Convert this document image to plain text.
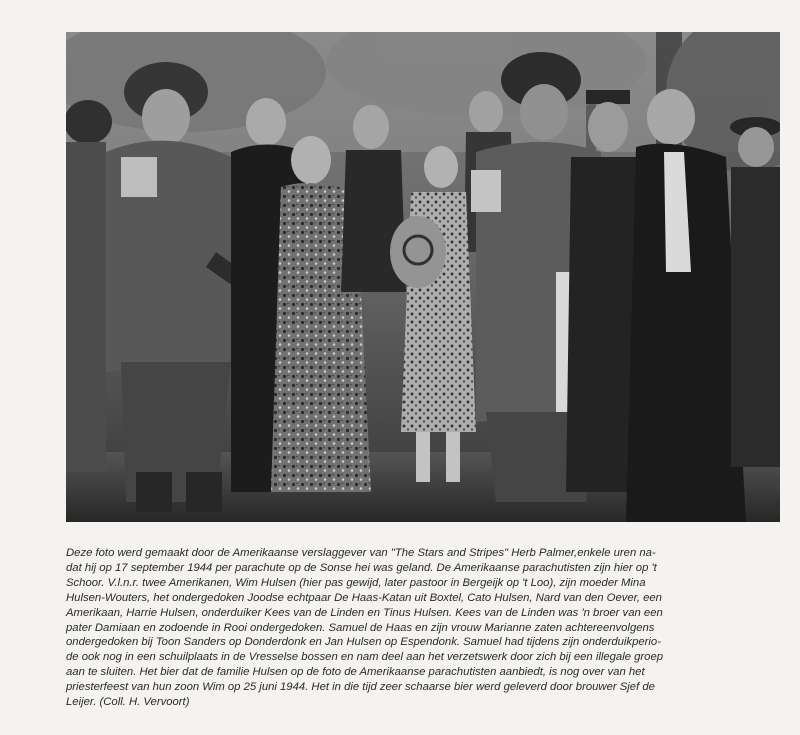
Deze foto werd gemaakt door de Amerikaanse verslaggever van "The Stars and Stripes" Herb Palmer,enkele uren na-
dat hij op 17 september 1944 per parachute op de Sonse hei was geland. De Amerikaanse parachutisten zijn hier op 't
Schoor. V.l.n.r. twee Amerikanen, Wim Hulsen (hier pas gewijd, later pastoor in Bergeijk op 't Loo), zijn moeder Mina
Hulsen-Wouters, het ondergedoken Joodse echtpaar De Haas-Katan uit Boxtel, Cato Hulsen, Nard van den Oever, een
Amerikaan, Harrie Hulsen, onderduiker Kees van de Linden en Tinus Hulsen. Kees van de Linden was 'n broer van een
pater Damiaan en zodoende in Rooi ondergedoken. Samuel de Haas en zijn vrouw Marianne zaten achtereenvolgens
ondergedoken bij Toon Sanders op Donderdonk en Jan Hulsen op Espendonk. Samuel had tijdens zijn onderduikperio-
de ook nog in een schuilplaats in de Vresselse bossen en nam deel aan het verzetswerk door zich bij een illegale groep
aan te sluiten. Het bier dat de familie Hulsen op de foto de Amerikaanse parachutisten aanbiedt, is nog over van het
priesterfeest van hun zoon Wim op 25 juni 1944. Het in die tijd zeer schaarse bier werd geleverd door brouwer Sjef de
Leijer. (Coll. H. Vervoort)
